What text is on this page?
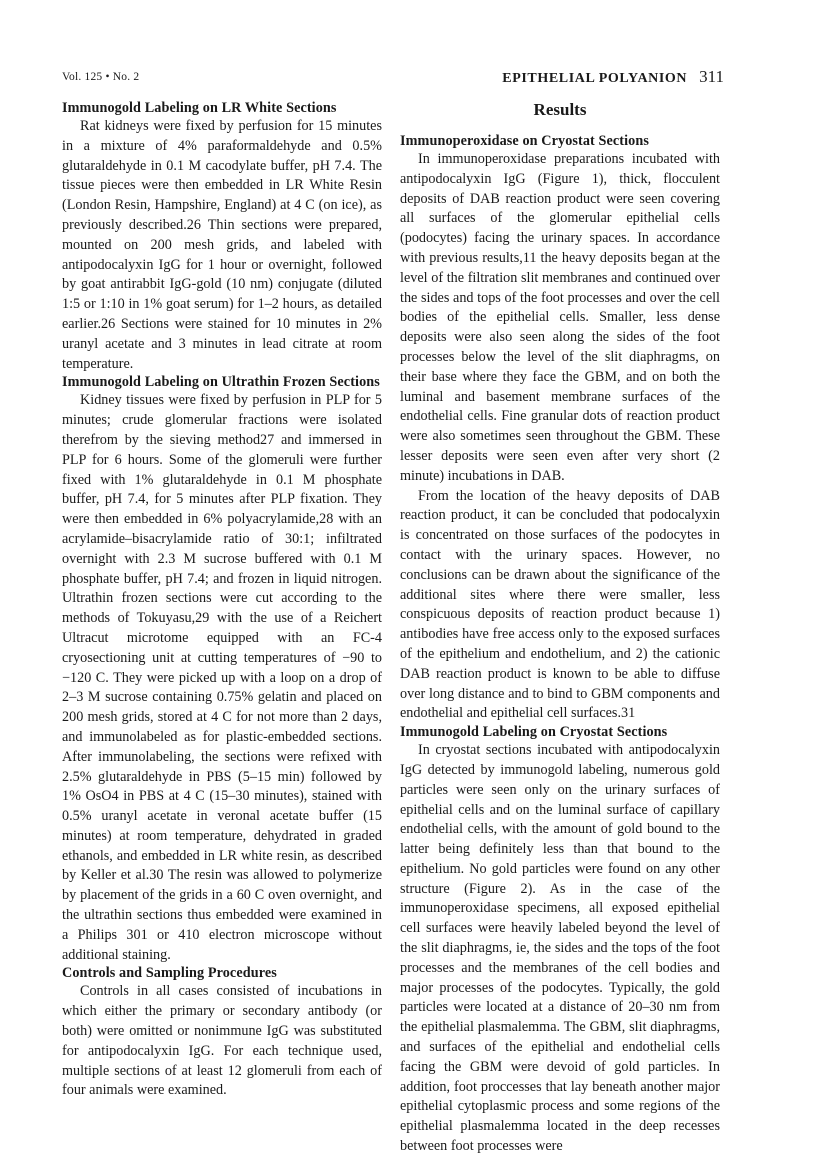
Vol. 125 • No. 2	EPITHELIAL POLYANION 311
Immunogold Labeling on LR White Sections

Rat kidneys were fixed by perfusion for 15 minutes in a mixture of 4% paraformaldehyde and 0.5% glutaraldehyde in 0.1 M cacodylate buffer, pH 7.4. The tissue pieces were then embedded in LR White Resin (London Resin, Hampshire, England) at 4 C (on ice), as previously described.26 Thin sections were prepared, mounted on 200 mesh grids, and labeled with antipodocalyxin IgG for 1 hour or overnight, followed by goat antirabbit IgG-gold (10 nm) conjugate (diluted 1:5 or 1:10 in 1% goat serum) for 1–2 hours, as detailed earlier.26 Sections were stained for 10 minutes in 2% uranyl acetate and 3 minutes in lead citrate at room temperature.

Immunogold Labeling on Ultrathin Frozen Sections

Kidney tissues were fixed by perfusion in PLP for 5 minutes; crude glomerular fractions were isolated therefrom by the sieving method27 and immersed in PLP for 6 hours. Some of the glomeruli were further fixed with 1% glutaraldehyde in 0.1 M phosphate buffer, pH 7.4, for 5 minutes after PLP fixation. They were then embedded in 6% polyacrylamide,28 with an acrylamide–bisacrylamide ratio of 30:1; infiltrated overnight with 2.3 M sucrose buffered with 0.1 M phosphate buffer, pH 7.4; and frozen in liquid nitrogen. Ultrathin frozen sections were cut according to the methods of Tokuyasu,29 with the use of a Reichert Ultracut microtome equipped with an FC-4 cryosectioning unit at cutting temperatures of −90 to −120 C. They were picked up with a loop on a drop of 2–3 M sucrose containing 0.75% gelatin and placed on 200 mesh grids, stored at 4 C for not more than 2 days, and immunolabeled as for plastic-embedded sections. After immunolabeling, the sections were refixed with 2.5% glutaraldehyde in PBS (5–15 min) followed by 1% OsO4 in PBS at 4 C (15–30 minutes), stained with 0.5% uranyl acetate in veronal acetate buffer (15 minutes) at room temperature, dehydrated in graded ethanols, and embedded in LR white resin, as described by Keller et al.30 The resin was allowed to polymerize by placement of the grids in a 60 C oven overnight, and the ultrathin sections thus embedded were examined in a Philips 301 or 410 electron microscope without additional staining.

Controls and Sampling Procedures

Controls in all cases consisted of incubations in which either the primary or secondary antibody (or both) were omitted or nonimmune IgG was substituted for antipodocalyxin IgG. For each technique used, multiple sections of at least 12 glomeruli from each of four animals were examined.

Results
Immunoperoxidase on Cryostat Sections

In immunoperoxidase preparations incubated with antipodocalyxin IgG (Figure 1), thick, flocculent deposits of DAB reaction product were seen covering all surfaces of the glomerular epithelial cells (podocytes) facing the urinary spaces. In accordance with previous results,11 the heavy deposits began at the level of the filtration slit membranes and continued over the sides and tops of the foot processes and over the cell bodies of the epithelial cells. Smaller, less dense deposits were also seen along the sides of the foot processes below the level of the slit diaphragms, on their base where they face the GBM, and on both the luminal and basement membrane surfaces of the endothelial cells. Fine granular dots of reaction product were also sometimes seen throughout the GBM. These lesser deposits were seen even after very short (2 minute) incubations in DAB.

From the location of the heavy deposits of DAB reaction product, it can be concluded that podocalyxin is concentrated on those surfaces of the podocytes in contact with the urinary spaces. However, no conclusions can be drawn about the significance of the additional sites where there were smaller, less conspicuous deposits of reaction product because 1) antibodies have free access only to the exposed surfaces of the epithelium and endothelium, and 2) the cationic DAB reaction product is known to be able to diffuse over long distance and to bind to GBM components and endothelial and epithelial cell surfaces.31

Immunogold Labeling on Cryostat Sections

In cryostat sections incubated with antipodocalyxin IgG detected by immunogold labeling, numerous gold particles were seen only on the urinary surfaces of epithelial cells and on the luminal surface of capillary endothelial cells, with the amount of gold bound to the latter being definitely less than that bound to the epithelium. No gold particles were found on any other structure (Figure 2). As in the case of the immunoperoxidase specimens, all exposed epithelial cell surfaces were heavily labeled beyond the level of the slit diaphragms, ie, the sides and the tops of the foot processes and the membranes of the cell bodies and major processes of the podocytes. Typically, the gold particles were located at a distance of 20–30 nm from the epithelial plasmalemma. The GBM, slit diaphragms, and surfaces of the epithelial and endothelial cells facing the GBM were devoid of gold particles. In addition, foot proccesses that lay beneath another major epithelial cytoplasmic process and some regions of the epithelial plasmalemma located in the deep recesses between foot processes were
